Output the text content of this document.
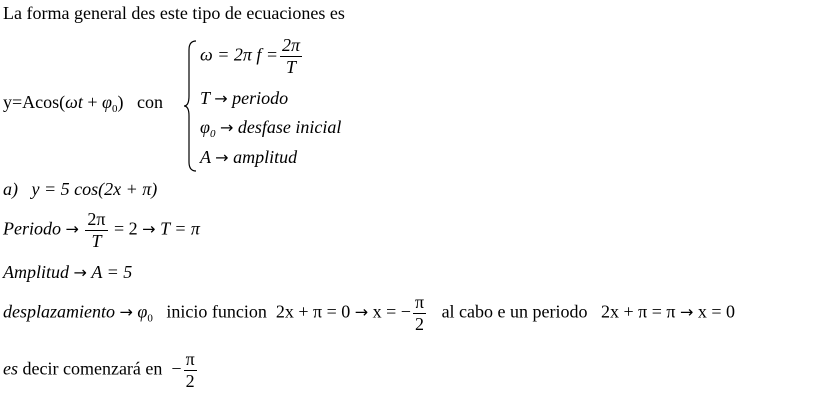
La forma general des este tipo de ecuaciones es
$y=Acos(\omega t + \varphi_0)$ con
ω = 2π $f = \frac{2\pi}{T}$
T → periodo
$\varphi_0$ → desfase inicial
A → amplitud
a) y = 5 cos(2x + π)
Periodo → $\frac{2\pi}{T} = 2 \to T = \pi$
Amplitud → A = 5
desplazamiento → $\varphi_0$ inicio funcion 2x + π = 0 → x = − $\frac{\pi}{2}$ al cabo e un periodo 2x + π = π → x = 0
es decir comenzará en − $\frac{\pi}{2}$
